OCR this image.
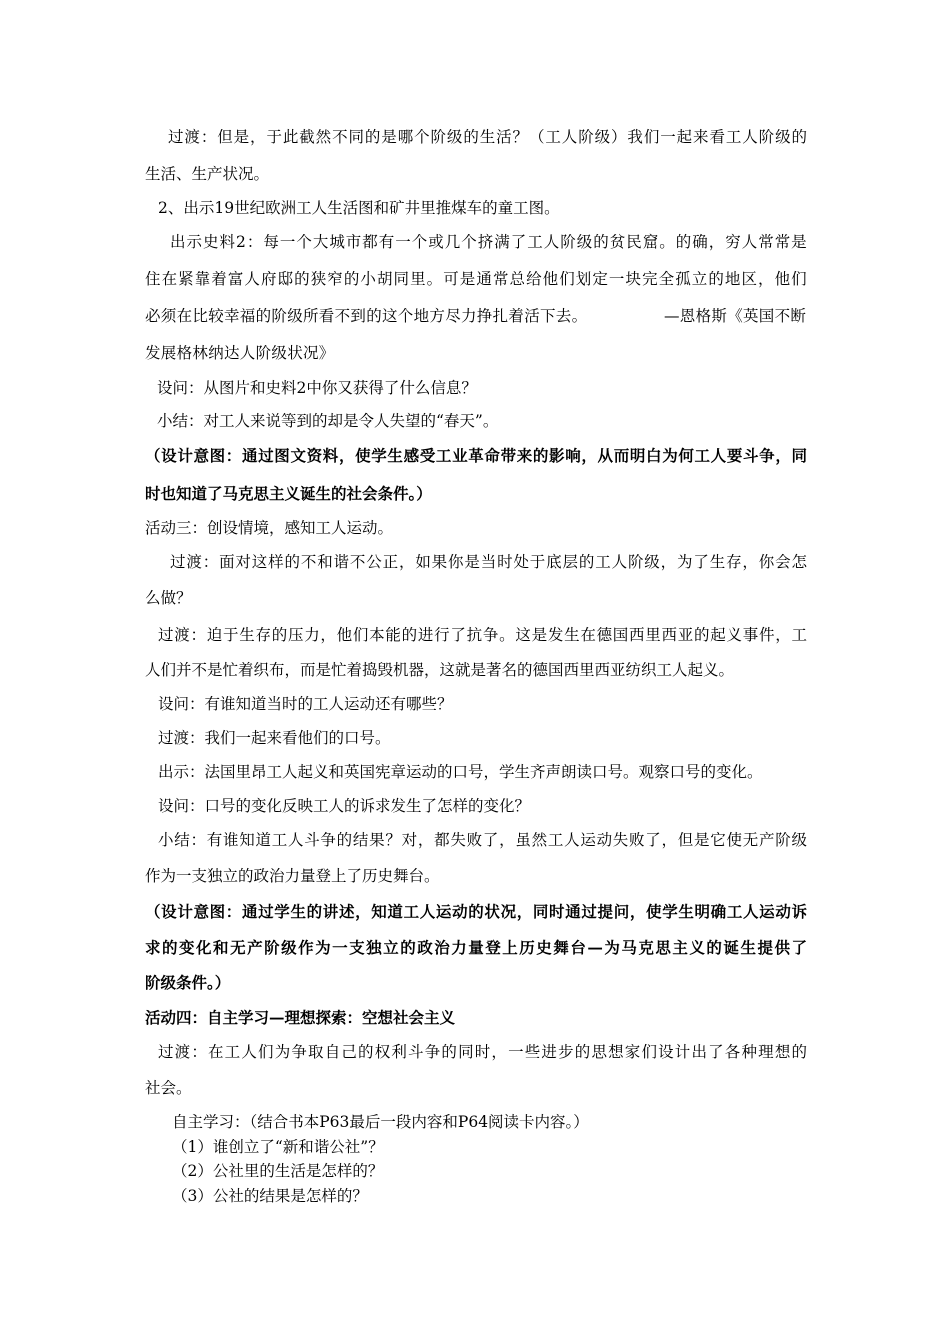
过渡：但是，于此截然不同的是哪个阶级的生活？（工人阶级）我们一起来看工人阶级的
生活、生产状况。
2、出示19世纪欧洲工人生活图和矿井里推煤车的童工图。
出示史料2：每一个大城市都有一个或几个挤满了工人阶级的贫民窟。的确，穷人常常是
住在紧靠着富人府邸的狭窄的小胡同里。可是通常总给他们划定一块完全孤立的地区，他们
必须在比较幸福的阶级所看不到的这个地方尽力挣扎着活下去。	—恩格斯《英国不断
发展格林纳达人阶级状况》
设问：从图片和史料2中你又获得了什么信息？
小结：对工人来说等到的却是令人失望的“春天”。
（设计意图：通过图文资料，使学生感受工业革命带来的影响，从而明白为何工人要斗争，同
时也知道了马克思主义诞生的社会条件。）
活动三：创设情境，感知工人运动。
过渡：面对这样的不和谐不公正，如果你是当时处于底层的工人阶级，为了生存，你会怎
么做？
过渡：迫于生存的压力，他们本能的进行了抗争。这是发生在德国西里西亚的起义事件，工
人们并不是忙着织布，而是忙着捣毁机器，这就是著名的德国西里西亚纺织工人起义。
设问：有谁知道当时的工人运动还有哪些？
过渡：我们一起来看他们的口号。
出示：法国里昂工人起义和英国宪章运动的口号，学生齐声朗读口号。观察口号的变化。
设问：口号的变化反映工人的诉求发生了怎样的变化？
小结：有谁知道工人斗争的结果？对，都失败了，虽然工人运动失败了，但是它使无产阶级
作为一支独立的政治力量登上了历史舞台。
（设计意图：通过学生的讲述，知道工人运动的状况，同时通过提问，使学生明确工人运动诉
求的变化和无产阶级作为一支独立的政治力量登上历史舞台—为马克思主义的诞生提供了
阶级条件。）
活动四：自主学习—理想探索：空想社会主义
过渡：在工人们为争取自己的权利斗争的同时，一些进步的思想家们设计出了各种理想的
社会。
自主学习：（结合书本P63最后一段内容和P64阅读卡内容。）
（1）谁创立了“新和谐公社”？
（2）公社里的生活是怎样的？
（3）公社的结果是怎样的？
